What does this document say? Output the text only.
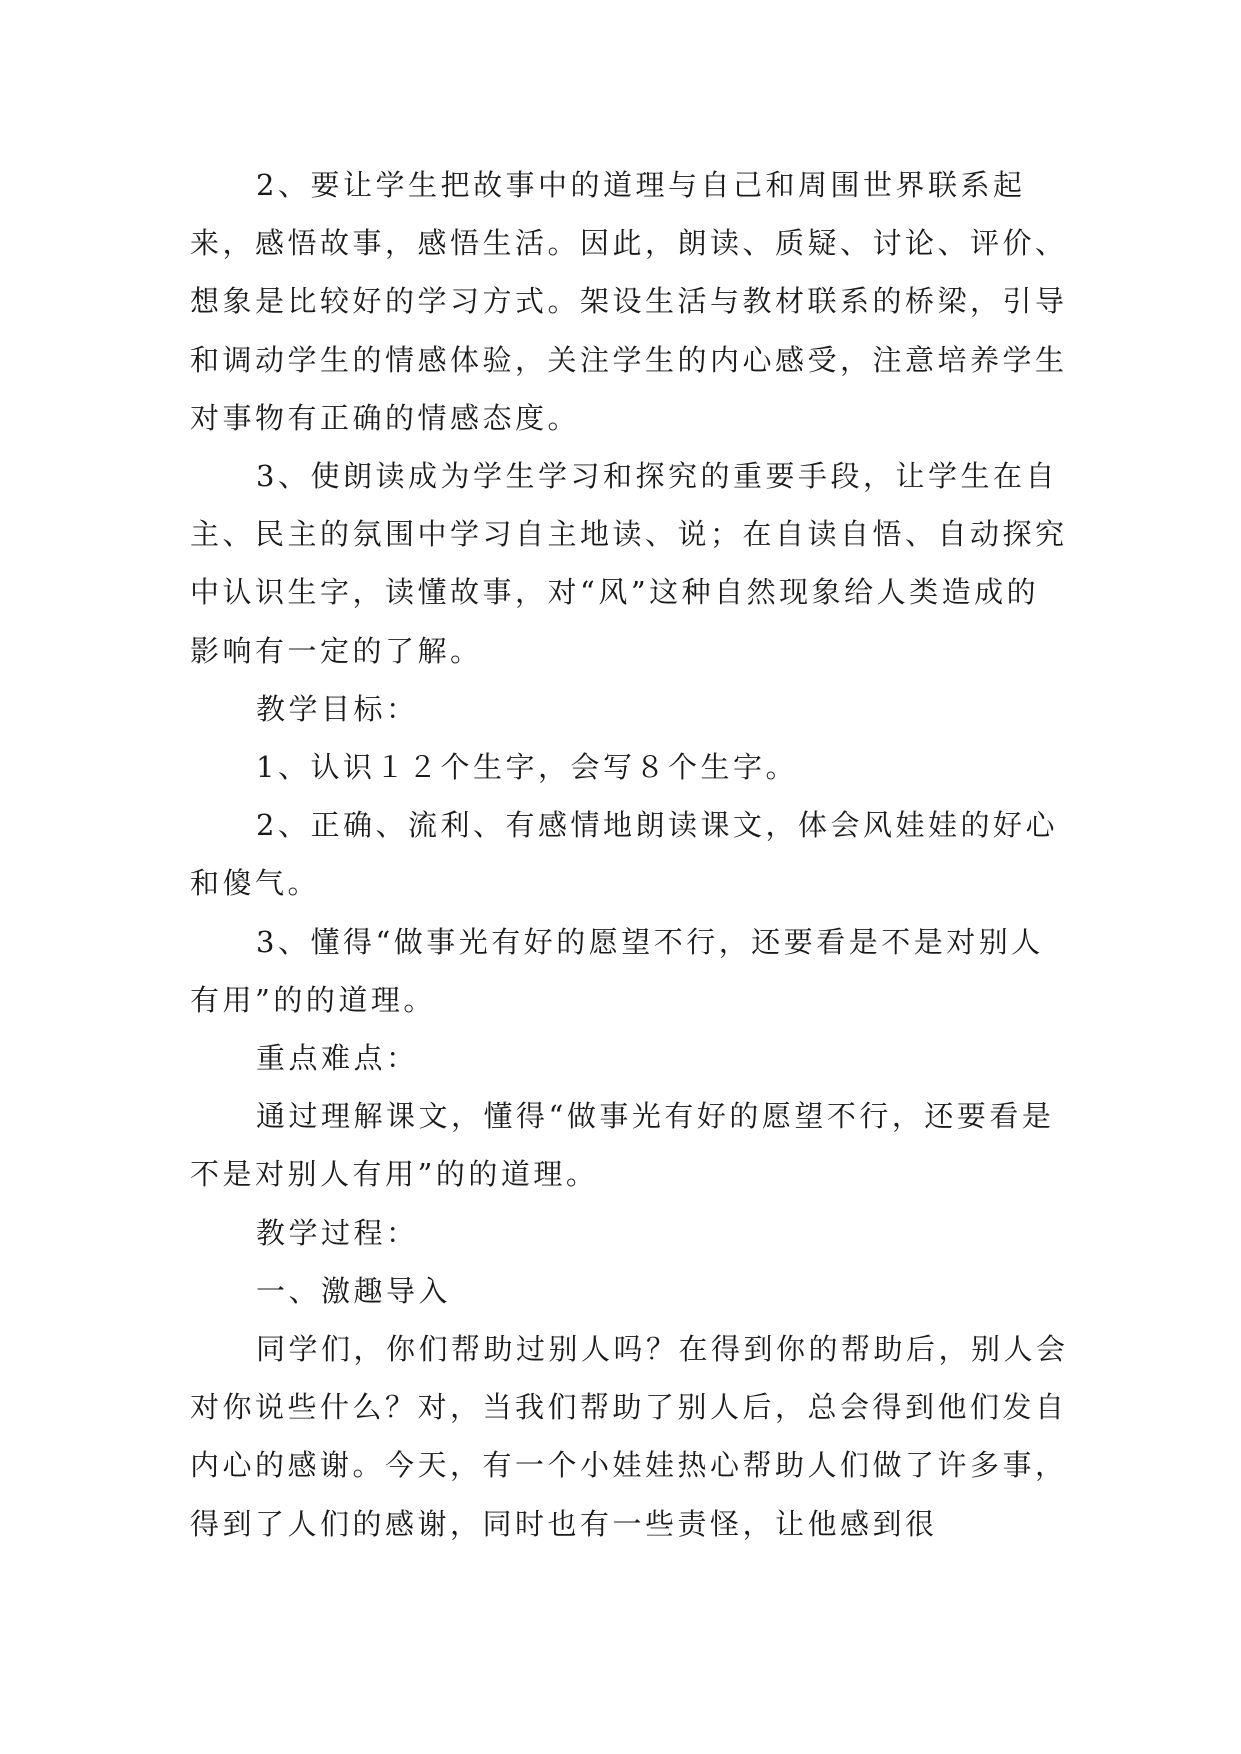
2、要让学生把故事中的道理与自己和周围世界联系起来，感悟故事，感悟生活。因此，朗读、质疑、讨论、评价、想象是比较好的学习方式。架设生活与教材联系的桥梁，引导和调动学生的情感体验，关注学生的内心感受，注意培养学生对事物有正确的情感态度。

3、使朗读成为学生学习和探究的重要手段，让学生在自主、民主的氛围中学习自主地读、说；在自读自悟、自动探究中认识生字，读懂故事，对“风”这种自然现象给人类造成的影响有一定的了解。

教学目标：

1、认识１２个生字，会写８个生字。

2、正确、流利、有感情地朗读课文，体会风娃娃的好心和傻气。

3、懂得“做事光有好的愿望不行，还要看是不是对别人有用”的的道理。

重点难点：

通过理解课文，懂得“做事光有好的愿望不行，还要看是不是对别人有用”的的道理。

教学过程：

一、激趣导入

同学们，你们帮助过别人吗？在得到你的帮助后，别人会对你说些什么？对，当我们帮助了别人后，总会得到他们发自内心的感谢。今天，有一个小娃娃热心帮助人们做了许多事，得到了人们的感谢，同时也有一些责怪，让他感到很
